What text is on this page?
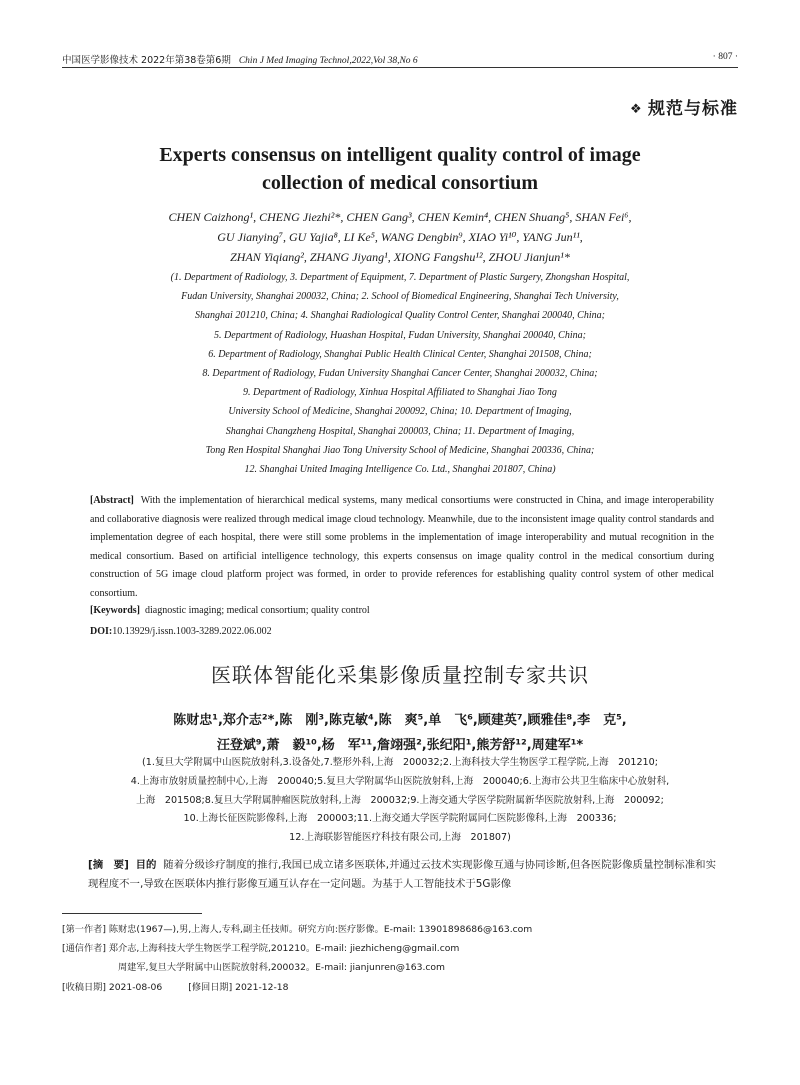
中国医学影像技术 2022年第38卷第6期 Chin J Med Imaging Technol,2022,Vol 38,No 6	· 807 ·
❖ 规范与标准
Experts consensus on intelligent quality control of image
collection of medical consortium
CHEN Caizhong¹, CHENG Jiezhi²*, CHEN Gang³, CHEN Kemin⁴, CHEN Shuang⁵, SHAN Fei⁶,
GU Jianying⁷, GU Yajia⁸, LI Ke⁵, WANG Dengbin⁹, XIAO Yi¹⁰, YANG Jun¹¹,
ZHAN Yiqiang², ZHANG Jiyang¹, XIONG Fangshu¹², ZHOU Jianjun¹*
(1. Department of Radiology, 3. Department of Equipment, 7. Department of Plastic Surgery, Zhongshan Hospital,
Fudan University, Shanghai 200032, China; 2. School of Biomedical Engineering, Shanghai Tech University,
Shanghai 201210, China; 4. Shanghai Radiological Quality Control Center, Shanghai 200040, China;
5. Department of Radiology, Huashan Hospital, Fudan University, Shanghai 200040, China;
6. Department of Radiology, Shanghai Public Health Clinical Center, Shanghai 201508, China;
8. Department of Radiology, Fudan University Shanghai Cancer Center, Shanghai 200032, China;
9. Department of Radiology, Xinhua Hospital Affiliated to Shanghai Jiao Tong
University School of Medicine, Shanghai 200092, China; 10. Department of Imaging,
Shanghai Changzheng Hospital, Shanghai 200003, China; 11. Department of Imaging,
Tong Ren Hospital Shanghai Jiao Tong University School of Medicine, Shanghai 200336, China;
12. Shanghai United Imaging Intelligence Co. Ltd., Shanghai 201807, China)
[Abstract] With the implementation of hierarchical medical systems, many medical consortiums were constructed in China, and image interoperability and collaborative diagnosis were realized through medical image cloud technology. Meanwhile, due to the inconsistent image quality control standards and implementation degree of each hospital, there were still some problems in the implementation of image interoperability and mutual recognition in the medical consortium. Based on artificial intelligence technology, this experts consensus on image quality control in the medical consortium during construction of 5G image cloud platform project was formed, in order to provide references for establishing quality control system of other medical consortium.
[Keywords] diagnostic imaging; medical consortium; quality control
DOI:10.13929/j.issn.1003-3289.2022.06.002
医联体智能化采集影像质量控制专家共识
陈财忠¹,郑介志²*,陈　刚³,陈克敏⁴,陈　爽⁵,单　飞⁶,顾建英⁷,顾雅佳⁸,李　克⁵,
汪登斌⁹,萧　毅¹⁰,杨　军¹¹,詹翊强²,张纪阳¹,熊芳舒¹²,周建军¹*
(1.复旦大学附属中山医院放射科,3.设备处,7.整形外科,上海　200032;2.上海科技大学生物医学工程学院,上海　201210;
4.上海市放射质量控制中心,上海　200040;5.复旦大学附属华山医院放射科,上海　200040;6.上海市公共卫生临床中心放射科,
上海　201508;8.复旦大学附属肿瘤医院放射科,上海　200032;9.上海交通大学医学院附属新华医院放射科,上海　200092;
10.上海长征医院影像科,上海　200003;11.上海交通大学医学院附属同仁医院影像科,上海　200336;
12.上海联影智能医疗科技有限公司,上海　201807)
[摘　要] 目的 随着分级诊疗制度的推行,我国已成立诸多医联体,并通过云技术实现影像互通与协同诊断,但各医院影像质量控制标准和实现程度不一,导致在医联体内推行影像互通互认存在一定问题。为基于人工智能技术于5G影像
[第一作者] 陈财忠(1967—),男,上海人,专科,副主任技师。研究方向:医疗影像。E-mail: 13901898686@163.com
[通信作者] 郑介志,上海科技大学生物医学工程学院,201210。E-mail: jiezhicheng@gmail.com
周建军,复旦大学附属中山医院放射科,200032。E-mail: jianjunren@163.com
[收稿日期] 2021-08-06	[修回日期] 2021-12-18
